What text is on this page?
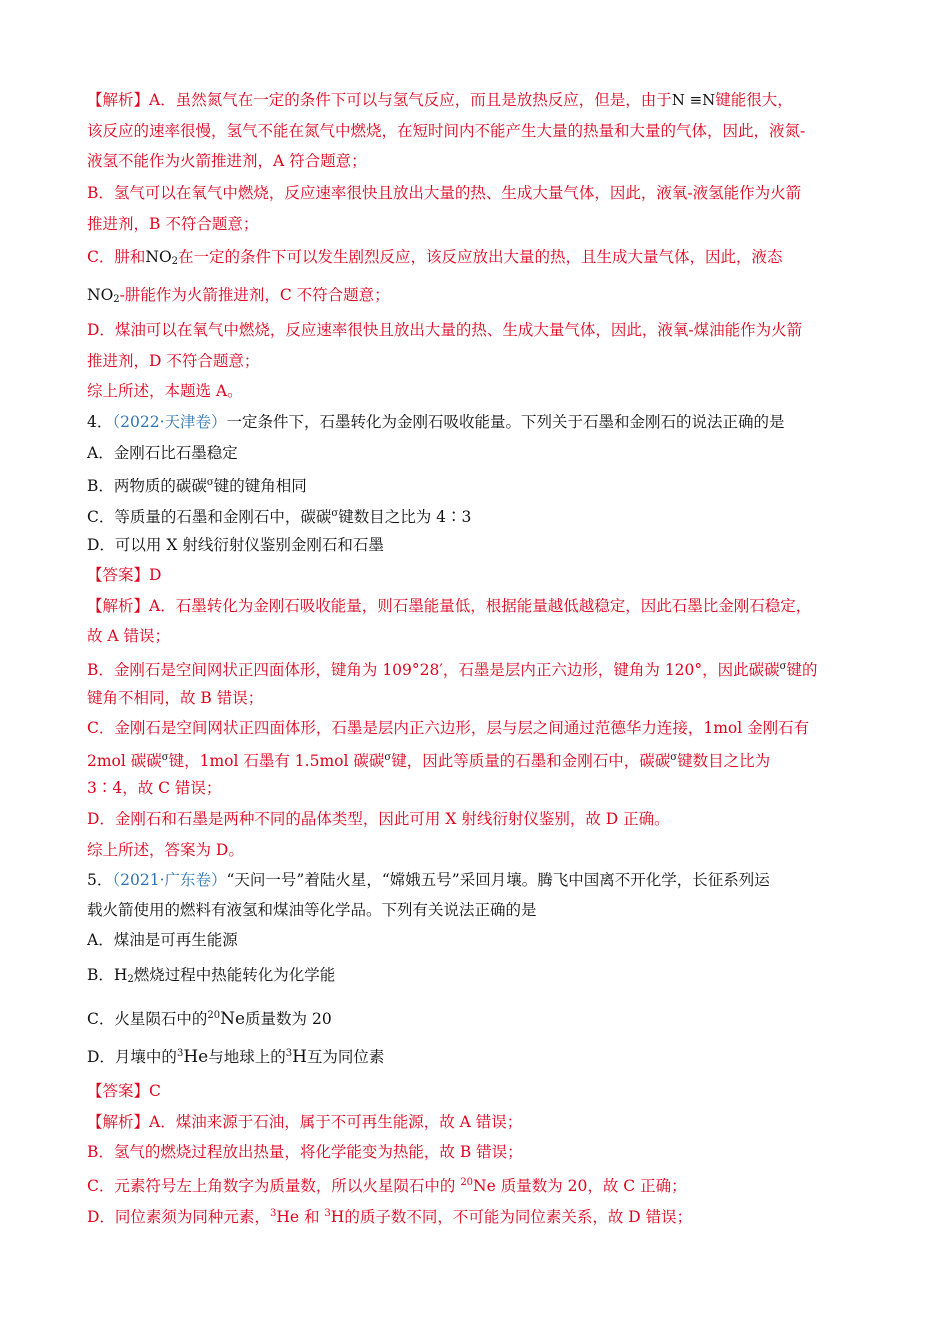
【解析】A．虽然氮气在一定的条件下可以与氢气反应，而且是放热反应，但是，由于N ≡N键能很大，
该反应的速率很慢，氢气不能在氮气中燃烧，在短时间内不能产生大量的热量和大量的气体，因此，液氮-
液氢不能作为火箭推进剂，A 符合题意；
B．氢气可以在氧气中燃烧，反应速率很快且放出大量的热、生成大量气体，因此，液氧-液氢能作为火箭
推进剂，B 不符合题意；
C．肼和$NO_2$在一定的条件下可以发生剧烈反应，该反应放出大量的热，且生成大量气体，因此，液态
$NO_2-$肼能作为火箭推进剂，C 不符合题意；
D．煤油可以在氧气中燃烧，反应速率很快且放出大量的热、生成大量气体，因此，液氧-煤油能作为火箭
推进剂，D 不符合题意；
综上所述，本题选 A。
4．（2022·天津卷）一定条件下，石墨转化为金刚石吸收能量。下列关于石墨和金刚石的说法正确的是
A．金刚石比石墨稳定
B．两物质的碳碳$^\sigma$键的键角相同
C．等质量的石墨和金刚石中，碳碳$^\sigma$键数目之比为 4∶3
D．可以用 X 射线衍射仪鉴别金刚石和石墨
【答案】D
【解析】A．石墨转化为金刚石吸收能量，则石墨能量低，根据能量越低越稳定，因此石墨比金刚石稳定，
故 A 错误；
B．金刚石是空间网状正四面体形，键角为 109°28′，石墨是层内正六边形，键角为 120°，因此碳碳$^\sigma$键的
键角不相同，故 B 错误；
C．金刚石是空间网状正四面体形，石墨是层内正六边形，层与层之间通过范德华力连接，1mol 金刚石有
2mol 碳碳$^\sigma$键，1mol 石墨有 1.5mol 碳碳$^\sigma$键，因此等质量的石墨和金刚石中，碳碳$^\sigma$键数目之比为
3∶4，故 C 错误；
D．金刚石和石墨是两种不同的晶体类型，因此可用 X 射线衍射仪鉴别，故 D 正确。
综上所述，答案为 D。
5．（2021·广东卷）“天问一号”着陆火星，“嫦娥五号”采回月壤。腾飞中国离不开化学，长征系列运
载火箭使用的燃料有液氢和煤油等化学品。下列有关说法正确的是
A．煤油是可再生能源
B．$H_2$燃烧过程中热能转化为化学能
C．火星陨石中的$^{20}$Ne质量数为 20
D．月壤中的$^3$He与地球上的$^3$H互为同位素
【答案】C
【解析】A．煤油来源于石油，属于不可再生能源，故 A 错误；
B．氢气的燃烧过程放出热量，将化学能变为热能，故 B 错误；
C．元素符号左上角数字为质量数，所以火星陨石中的 $^{20}$Ne 质量数为 20，故 C 正确；
D．同位素须为同种元素，$^3$He 和 $^3$H的质子数不同，不可能为同位素关系，故 D 错误；
